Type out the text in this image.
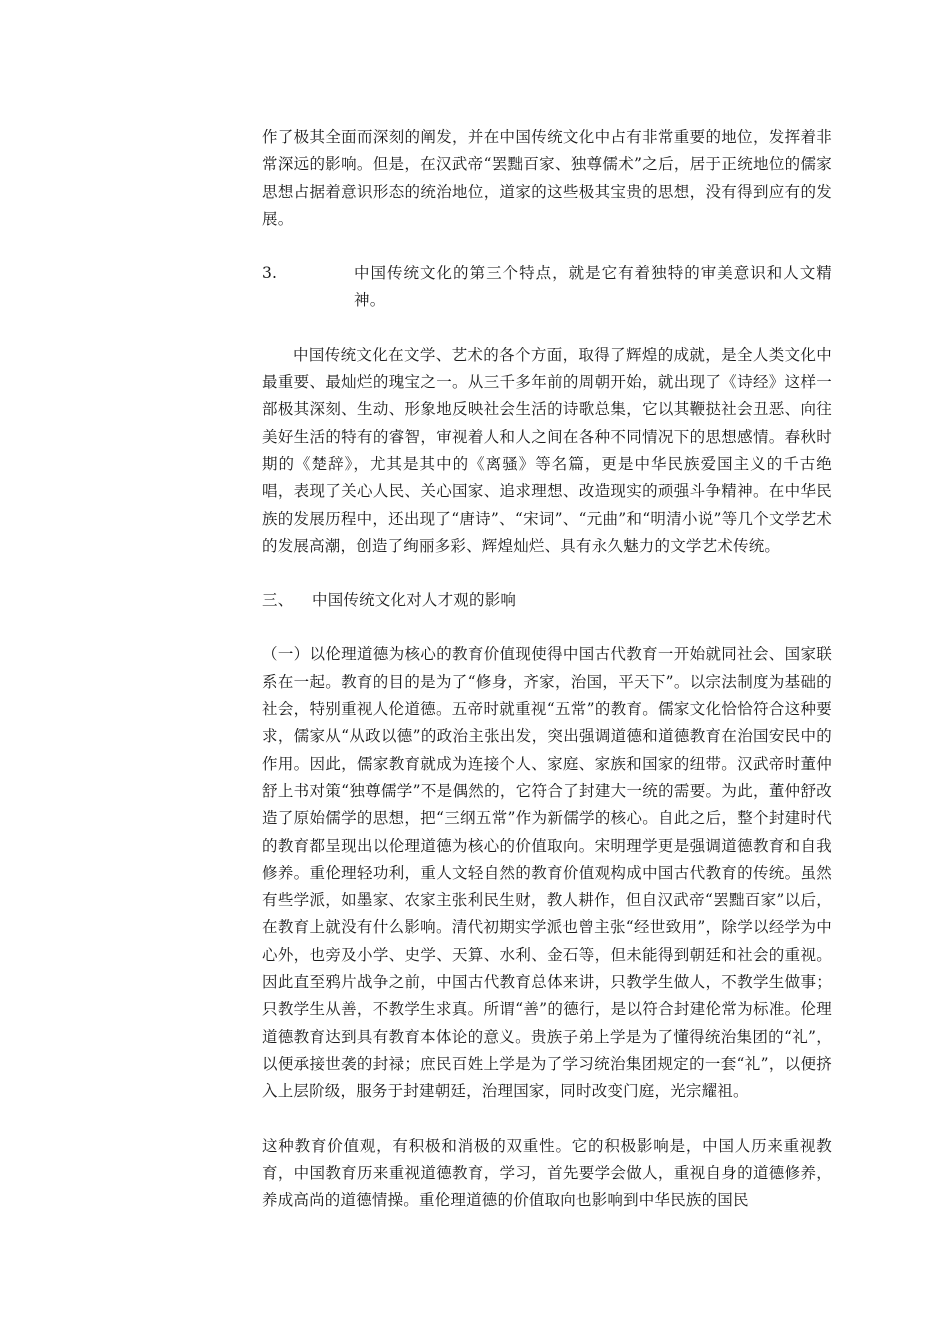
作了极其全面而深刻的阐发，并在中国传统文化中占有非常重要的地位，发挥着非常深远的影响。但是，在汉武帝“罢黜百家、独尊儒术”之后，居于正统地位的儒家思想占据着意识形态的统治地位，道家的这些极其宝贵的思想，没有得到应有的发展。

3.	中国传统文化的第三个特点，就是它有着独特的审美意识和人文精神。

中国传统文化在文学、艺术的各个方面，取得了辉煌的成就，是全人类文化中最重要、最灿烂的瑰宝之一。从三千多年前的周朝开始，就出现了《诗经》这样一部极其深刻、生动、形象地反映社会生活的诗歌总集，它以其鞭挞社会丑恶、向往美好生活的特有的睿智，审视着人和人之间在各种不同情况下的思想感情。春秋时期的《楚辞》，尤其是其中的《离骚》等名篇，更是中华民族爱国主义的千古绝唱，表现了关心人民、关心国家、追求理想、改造现实的顽强斗争精神。在中华民族的发展历程中，还出现了“唐诗”、“宋词”、“元曲”和“明清小说”等几个文学艺术的发展高潮，创造了绚丽多彩、辉煌灿烂、具有永久魅力的文学艺术传统。

三、	中国传统文化对人才观的影响

（一）以伦理道德为核心的教育价值现使得中国古代教育一开始就同社会、国家联系在一起。教育的目的是为了“修身，齐家，治国，平天下”。以宗法制度为基础的社会，特别重视人伦道德。五帝时就重视“五常”的教育。儒家文化恰恰符合这种要求，儒家从“从政以德”的政治主张出发，突出强调道德和道德教育在治国安民中的作用。因此，儒家教育就成为连接个人、家庭、家族和国家的纽带。汉武帝时董仲舒上书对策“独尊儒学”不是偶然的，它符合了封建大一统的需要。为此，董仲舒改造了原始儒学的思想，把“三纲五常”作为新儒学的核心。自此之后，整个封建时代的教育都呈现出以伦理道德为核心的价值取向。宋明理学更是强调道德教育和自我修养。重伦理轻功利，重人文轻自然的教育价值观构成中国古代教育的传统。虽然有些学派，如墨家、农家主张利民生财，教人耕作，但自汉武帝“罢黜百家”以后，在教育上就没有什么影响。清代初期实学派也曾主张“经世致用”，除学以经学为中心外，也旁及小学、史学、天算、水利、金石等，但未能得到朝廷和社会的重视。因此直至鸦片战争之前，中国古代教育总体来讲，只教学生做人，不教学生做事；只教学生从善，不教学生求真。所谓“善”的德行，是以符合封建伦常为标准。伦理道德教育达到具有教育本体论的意义。贵族子弟上学是为了懂得统治集团的“礼”，以便承接世袭的封禄；庶民百姓上学是为了学习统治集团规定的一套“礼”，以便挤入上层阶级，服务于封建朝廷，治理国家，同时改变门庭，光宗耀祖。

这种教育价值观，有积极和消极的双重性。它的积极影响是，中国人历来重视教育，中国教育历来重视道德教育，学习，首先要学会做人，重视自身的道德修养，养成高尚的道德情操。重伦理道德的价值取向也影响到中华民族的国民
